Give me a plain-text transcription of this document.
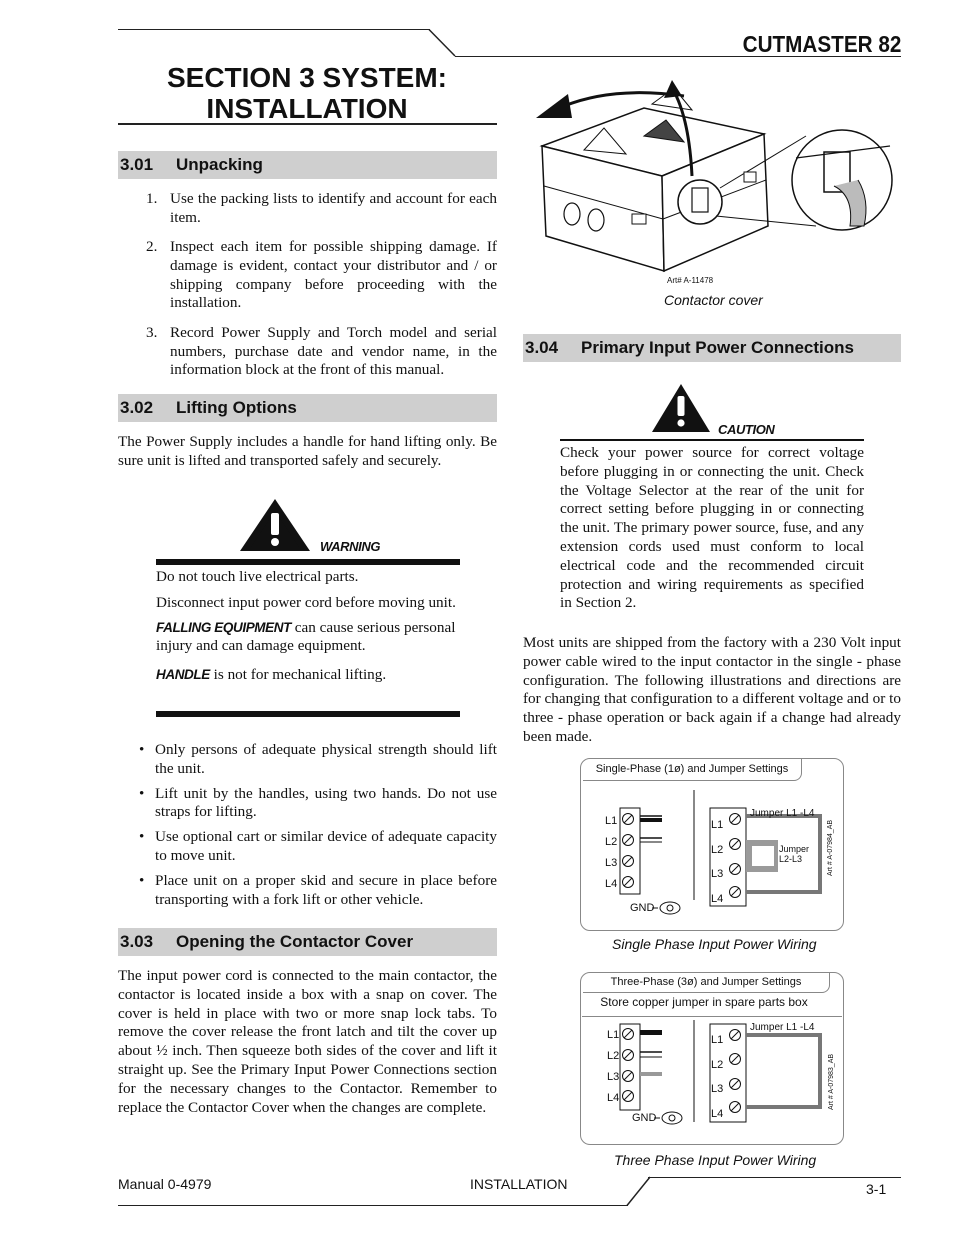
CUTMASTER 82
SECTION 3 SYSTEM:
INSTALLATION
3.01 Unpacking
1. Use the packing lists to identify and account for each item.
2. Inspect each item for possible shipping damage. If damage is evident, contact your distributor and / or shipping company before proceeding with the installation.
3. Record Power Supply and Torch model and serial numbers, purchase date and vendor name, in the information block at the front of this manual.
3.02 Lifting Options
The Power Supply includes a handle for hand lifting only. Be sure unit is lifted and transported safely and securely.
WARNING
Do not touch live electrical parts.
Disconnect input power cord before moving unit.
FALLING EQUIPMENT can cause serious personal injury and can damage equipment.
HANDLE is not for mechanical lifting.
• Only persons of adequate physical strength should lift the unit.
• Lift unit by the handles, using two hands. Do not use straps for lifting.
• Use optional cart or similar device of adequate capacity to move unit.
• Place unit on a proper skid and secure in place before transporting with a fork lift or other vehicle.
3.03 Opening the Contactor Cover
The input power cord is connected to the main contactor, the contactor is located inside a box with a snap on cover. The cover is held in place with two or more snap lock tabs. To remove the cover release the front latch and tilt the cover up about ½ inch. Then squeeze both sides of the cover and lift it straight up. See the Primary Input Power Connections section for the necessary changes to the Contactor. Remember to replace the Contactor Cover when the changes are complete.
Art# A-11478
Contactor cover
3.04 Primary Input Power Connections
CAUTION
Check your power source for correct voltage before plugging in or connecting the unit. Check the Voltage Selector at the rear of the unit for correct setting before plugging in or connecting the unit. The primary power source, fuse, and any extension cords used must conform to local electrical code and the recommended circuit protection and wiring requirements as specified in Section 2.
Most units are shipped from the factory with a 230 Volt input power cable wired to the input contactor in the single - phase configuration. The following illustrations and directions are for changing that configuration to a different voltage and or to three - phase operation or back again if a change had already been made.
Single-Phase (1ø) and Jumper Settings
L1
L2
L3
L4
GND
L1
L2
L3
L4
Jumper L1 -L4
Jumper
L2-L3	Art # A-07984_AB
Single Phase Input Power Wiring
Three-Phase (3ø) and Jumper Settings
Store copper jumper in spare parts box
L1
L2
L3
L4
GND
L1
L2
L3
L4
Jumper L1 -L4
Art # A-07983_AB
Three Phase Input Power Wiring
Manual 0-4979	INSTALLATION	3-1
